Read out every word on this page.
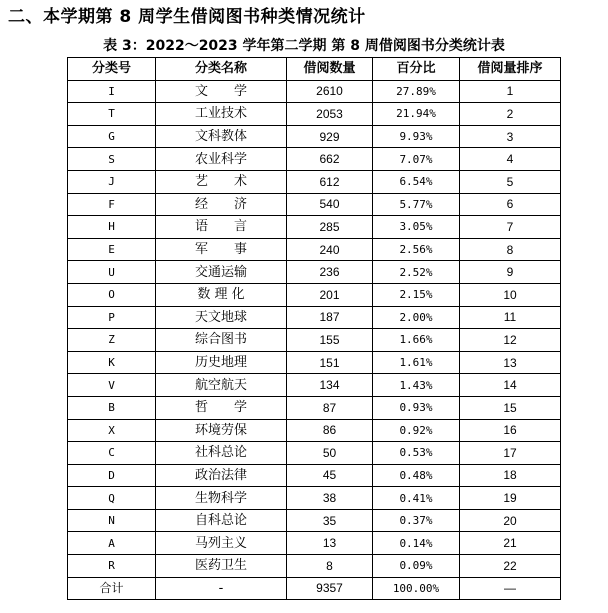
二、本学期第 8 周学生借阅图书种类情况统计
表 3：2022～2023 学年第二学期 第 8 周借阅图书分类统计表
分类号	分类名称	借阅数量	百分比	借阅量排序
I	文　　学	2610	27.89%	1
T	工业技术	2053	21.94%	2
G	文科教体	929	9.93%	3
S	农业科学	662	7.07%	4
J	艺　　术	612	6.54%	5
F	经　　济	540	5.77%	6
H	语　　言	285	3.05%	7
E	军　　事	240	2.56%	8
U	交通运输	236	2.52%	9
O	数 理 化	201	2.15%	10
P	天文地球	187	2.00%	11
Z	综合图书	155	1.66%	12
K	历史地理	151	1.61%	13
V	航空航天	134	1.43%	14
B	哲　　学	87	0.93%	15
X	环境劳保	86	0.92%	16
C	社科总论	50	0.53%	17
D	政治法律	45	0.48%	18
Q	生物科学	38	0.41%	19
N	自科总论	35	0.37%	20
A	马列主义	13	0.14%	21
R	医药卫生	8	0.09%	22
合计	-	9357	100.00%	—
